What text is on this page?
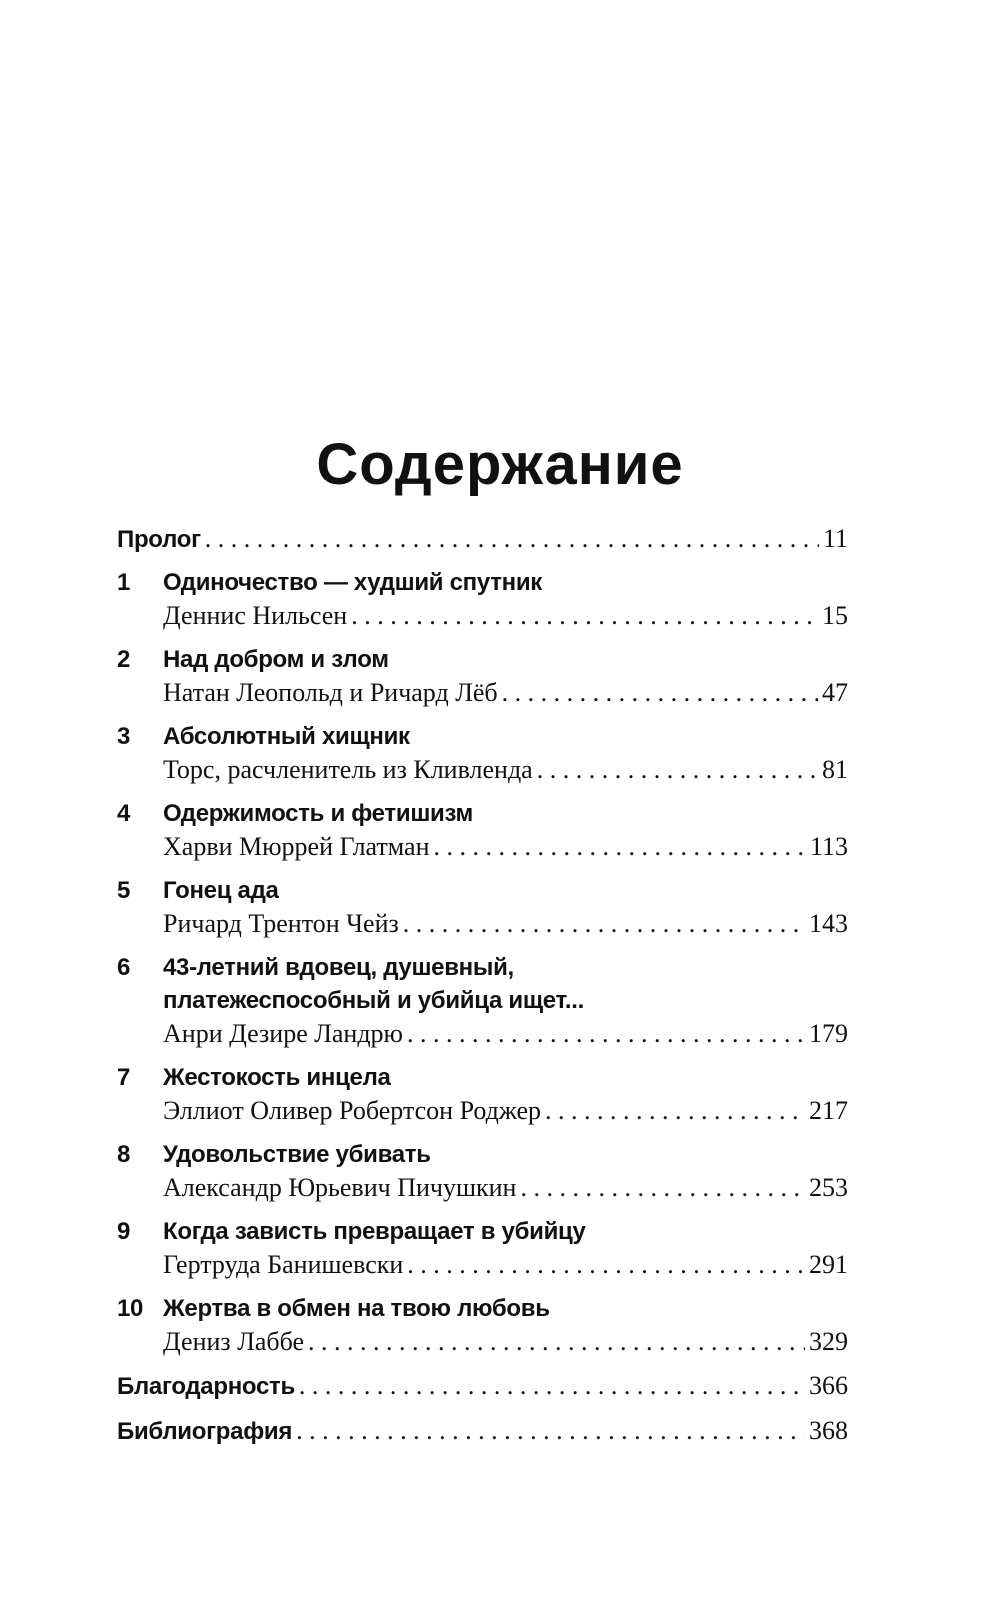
Содержание
Пролог . . .	11
1	Одиночество — худший спутник
Деннис Нильсен . . .	15
2	Над добром и злом
Натан Леопольд и Ричард Лёб . . .	47
3	Абсолютный хищник
Торс, расчленитель из Кливленда . . .	81
4	Одержимость и фетишизм
Харви Мюррей Глатман . . .	113
5	Гонец ада
Ричард Трентон Чейз . . .	143
6	43-летний вдовец, душевный,
платежеспособный и убийца ищет...
Анри Дезире Ландрю . . .	179
7	Жестокость инцела
Эллиот Оливер Робертсон Роджер . . .	217
8	Удовольствие убивать
Александр Юрьевич Пичушкин . . .	253
9	Когда зависть превращает в убийцу
Гертруда Банишевски . . .	291
10 Жертва в обмен на твою любовь
Дениз Лаббе . . .	329
Благодарность . . .	366
Библиография . . .	368
